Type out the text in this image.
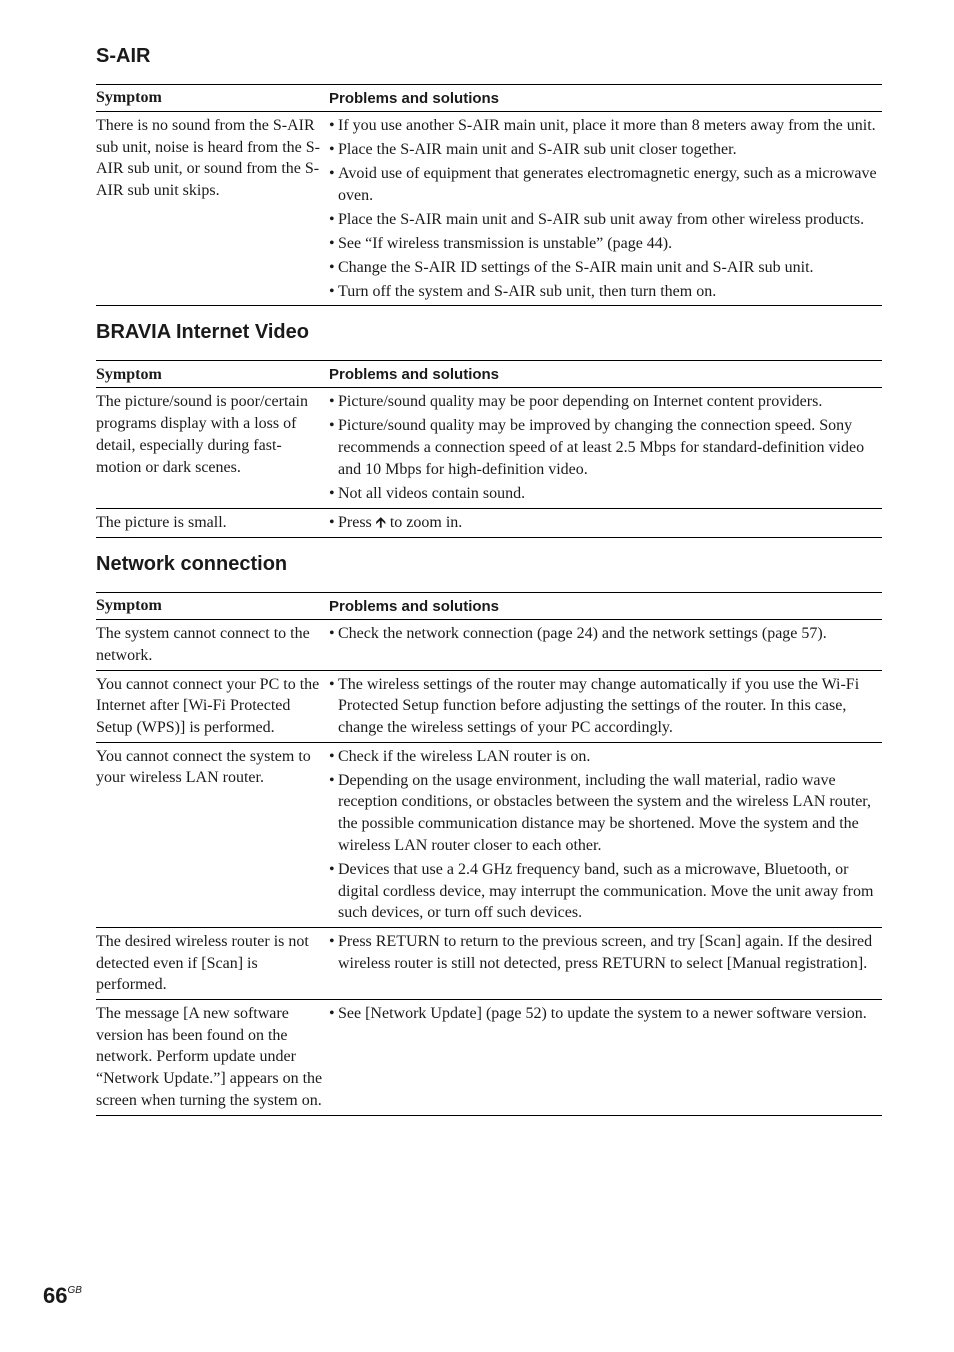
S-AIR
Symptom	Problems and solutions
There is no sound from the S-AIR sub unit, noise is heard from the S-AIR sub unit, or sound from the S-AIR sub unit skips.
• If you use another S-AIR main unit, place it more than 8 meters away from the unit.
• Place the S-AIR main unit and S-AIR sub unit closer together.
• Avoid use of equipment that generates electromagnetic energy, such as a microwave oven.
• Place the S-AIR main unit and S-AIR sub unit away from other wireless products.
• See “If wireless transmission is unstable” (page 44).
• Change the S-AIR ID settings of the S-AIR main unit and S-AIR sub unit.
• Turn off the system and S-AIR sub unit, then turn them on.
BRAVIA Internet Video
Symptom	Problems and solutions
The picture/sound is poor/certain programs display with a loss of detail, especially during fast-motion or dark scenes.
• Picture/sound quality may be poor depending on Internet content providers.
• Picture/sound quality may be improved by changing the connection speed. Sony recommends a connection speed of at least 2.5 Mbps for standard-definition video and 10 Mbps for high-definition video.
• Not all videos contain sound.
The picture is small.
•	Press 🡩 to zoom in.
Network connection
Symptom	Problems and solutions
The system cannot connect to the network.
• Check the network connection (page 24) and the network settings (page 57).
You cannot connect your PC to the Internet after [Wi-Fi Protected Setup (WPS)] is performed.
• The wireless settings of the router may change automatically if you use the Wi-Fi Protected Setup function before adjusting the settings of the router. In this case, change the wireless settings of your PC accordingly.
You cannot connect the system to your wireless LAN router.
• Check if the wireless LAN router is on.
• Depending on the usage environment, including the wall material, radio wave reception conditions, or obstacles between the system and the wireless LAN router, the possible communication distance may be shortened. Move the system and the wireless LAN router closer to each other.
• Devices that use a 2.4 GHz frequency band, such as a microwave, Bluetooth, or digital cordless device, may interrupt the communication. Move the unit away from such devices, or turn off such devices.
The desired wireless router is not detected even if [Scan] is performed.
• Press RETURN to return to the previous screen, and try [Scan] again. If the desired wireless router is still not detected, press RETURN to select [Manual registration].
The message [A new software version has been found on the network. Perform update under “Network Update.”] appears on the screen when turning the system on.
• See [Network Update] (page 52) to update the system to a newer software version.
$66^{GB}$
